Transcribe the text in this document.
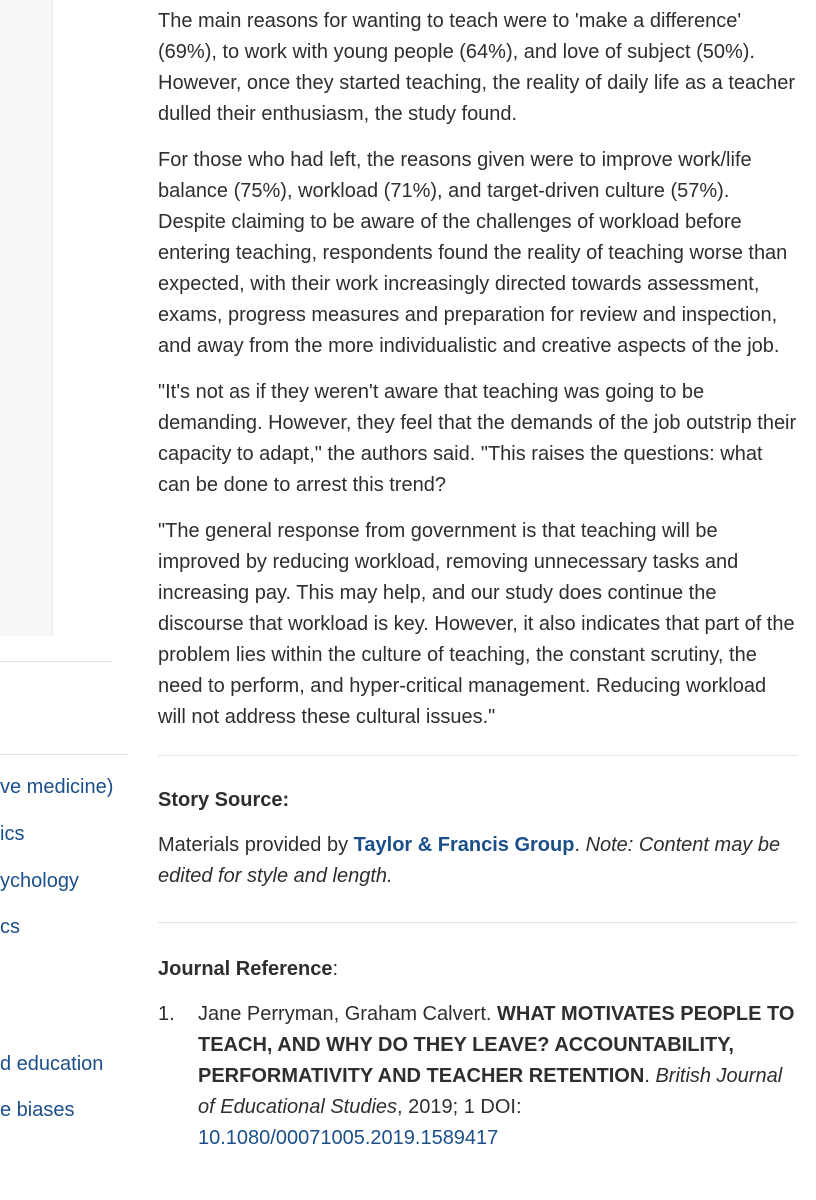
ve medicine)
ics
ychology
cs
d education
e biases

The main reasons for wanting to teach were to 'make a difference' (69%), to work with young people (64%), and love of subject (50%). However, once they started teaching, the reality of daily life as a teacher dulled their enthusiasm, the study found.

For those who had left, the reasons given were to improve work/life balance (75%), workload (71%), and target-driven culture (57%). Despite claiming to be aware of the challenges of workload before entering teaching, respondents found the reality of teaching worse than expected, with their work increasingly directed towards assessment, exams, progress measures and preparation for review and inspection, and away from the more individualistic and creative aspects of the job.

"It's not as if they weren't aware that teaching was going to be demanding. However, they feel that the demands of the job outstrip their capacity to adapt," the authors said. "This raises the questions: what can be done to arrest this trend?

"The general response from government is that teaching will be improved by reducing workload, removing unnecessary tasks and increasing pay. This may help, and our study does continue the discourse that workload is key. However, it also indicates that part of the problem lies within the culture of teaching, the constant scrutiny, the need to perform, and hyper-critical management. Reducing workload will not address these cultural issues."

Story Source:
Materials provided by Taylor & Francis Group. Note: Content may be edited for style and length.
Journal Reference:
1.	Jane Perryman, Graham Calvert. WHAT MOTIVATES PEOPLE TO TEACH, AND WHY DO THEY LEAVE? ACCOUNTABILITY, PERFORMATIVITY AND TEACHER RETENTION. British Journal of Educational Studies, 2019; 1 DOI: 10.1080/00071005.2019.1589417
